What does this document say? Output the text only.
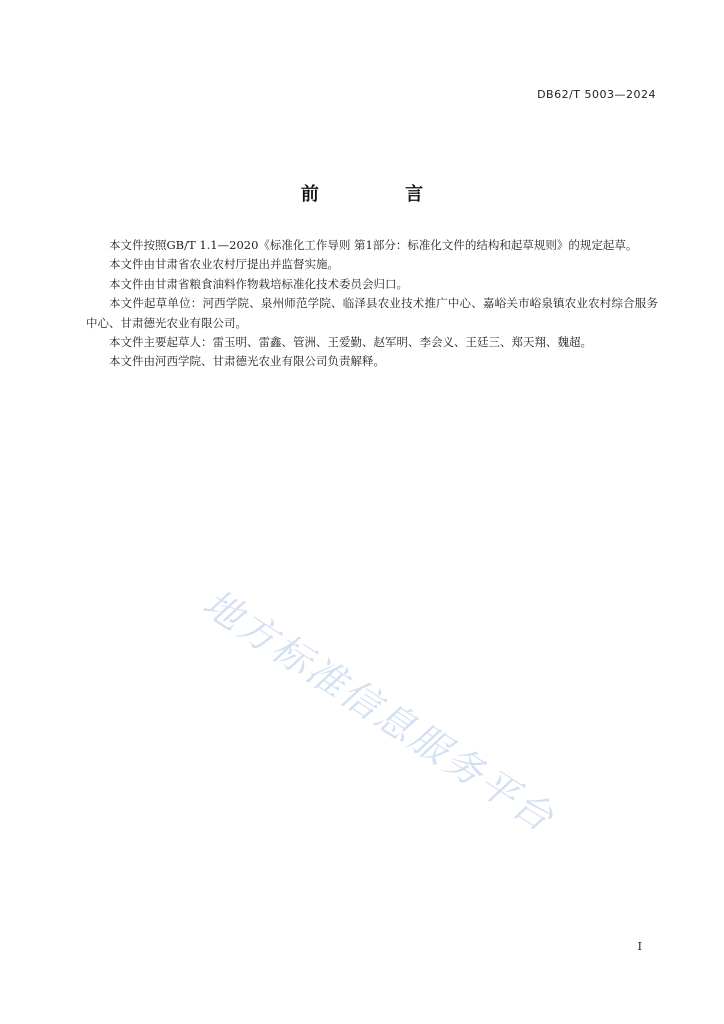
DB62/T 5003—2024
前 言

本文件按照GB/T 1.1—2020《标准化工作导则 第1部分：标准化文件的结构和起草规则》的规定起草。

本文件由甘肃省农业农村厅提出并监督实施。

本文件由甘肃省粮食油料作物栽培标准化技术委员会归口。

本文件起草单位：河西学院、泉州师范学院、临泽县农业技术推广中心、嘉峪关市峪泉镇农业农村综合服务中心、甘肃德光农业有限公司。

本文件主要起草人：雷玉明、雷鑫、管洲、王爱勤、赵军明、李会义、王廷三、郑天翔、魏超。

本文件由河西学院、甘肃德光农业有限公司负责解释。

地方标准信息服务平台
I
